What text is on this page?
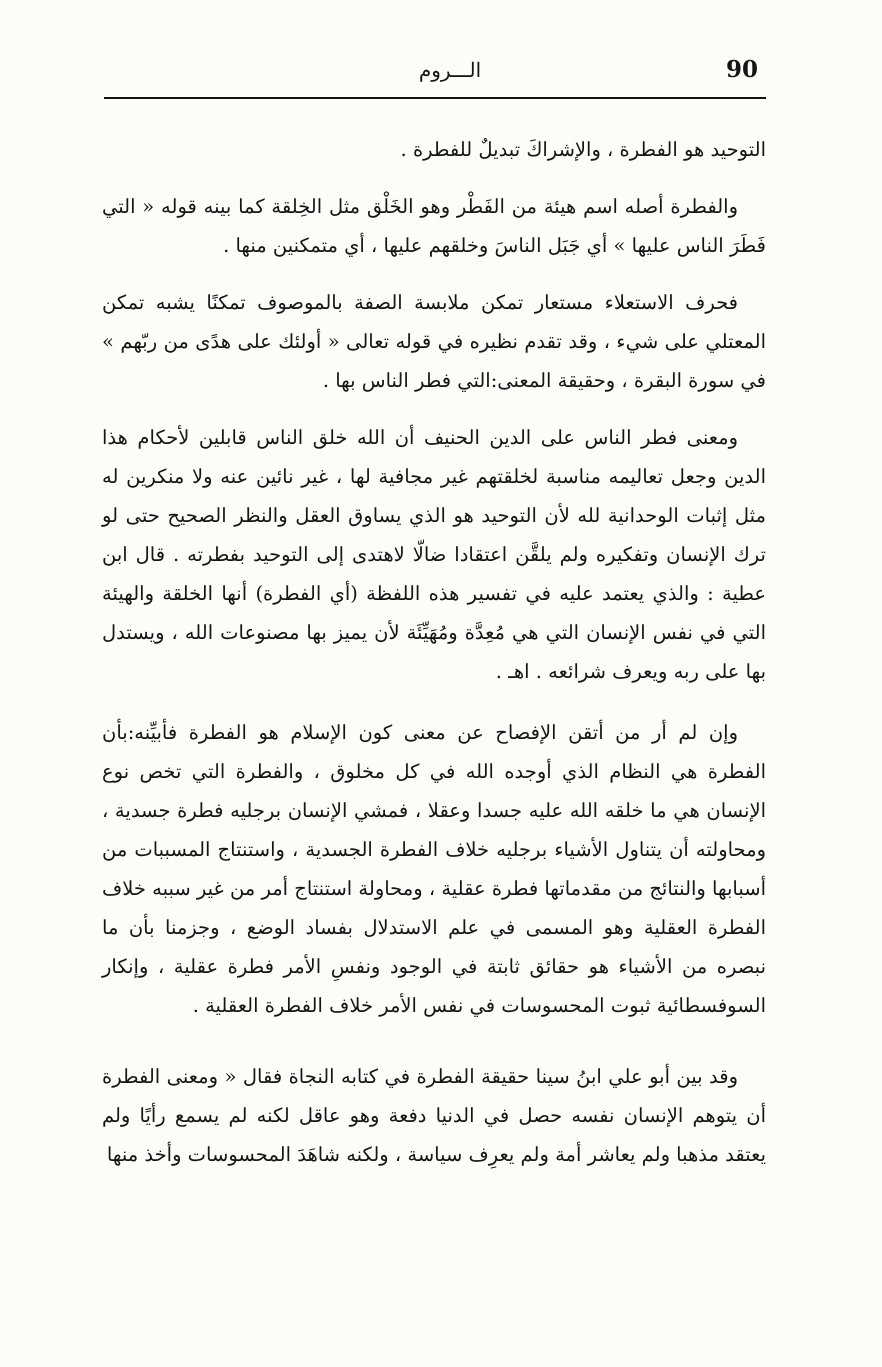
90
الـــروم

التوحيد هو الفطرة ، والإشراكَ تبديلٌ للفطرة .

والفطرة أصله اسم هيئة من الفَطْر وهو الخَلْق مثل الخِلقة كما بينه قوله « التي فَطَرَ الناس عليها » أي جَبَل الناسَ وخلقهم عليها ، أي متمكنين منها .

فحرف الاستعلاء مستعار تمكن ملابسة الصفة بالموصوف تمكنًا يشبه تمكن المعتلي على شيء ، وقد تقدم نظيره في قوله تعالى « أولئك على هدًى من ربّهم » في سورة البقرة ، وحقيقة المعنى:التي فطر الناس بها .

ومعنى فطر الناس على الدين الحنيف أن الله خلق الناس قابلين لأحكام هذا الدين وجعل تعاليمه مناسبة لخلقتهم غير مجافية لها ، غير نائين عنه ولا منكرين له مثل إثبات الوحدانية لله لأن التوحيد هو الذي يساوق العقل والنظر الصحيح حتى لو ترك الإنسان وتفكيره ولم يلقَّن اعتقادا ضالّا لاهتدى إلى التوحيد بفطرته . قال ابن عطية : والذي يعتمد عليه في تفسير هذه اللفظة (أي الفطرة) أنها الخلقة والهيئة التي في نفس الإنسان التي هي مُعِدَّة ومُهَيِّئَة لأن يميز بها مصنوعات الله ، ويستدل بها على ربه ويعرف شرائعه . اهـ .

وإن لم أر من أتقن الإفصاح عن معنى كون الإسلام هو الفطرة فأبيِّنه:بأن الفطرة هي النظام الذي أوجده الله في كل مخلوق ، والفطرة التي تخص نوع الإنسان هي ما خلقه الله عليه جسدا وعقلا ، فمشي الإنسان برجليه فطرة جسدية ، ومحاولته أن يتناول الأشياء برجليه خلاف الفطرة الجسدية ، واستنتاج المسببات من أسبابها والنتائج من مقدماتها فطرة عقلية ، ومحاولة استنتاج أمر من غير سببه خلاف الفطرة العقلية وهو المسمى في علم الاستدلال بفساد الوضع ، وجزمنا بأن ما نبصره من الأشياء هو حقائق ثابتة في الوجود ونفسِ الأمر فطرة عقلية ، وإنكار السوفسطائية ثبوت المحسوسات في نفس الأمر خلاف الفطرة العقلية .

وقد بين أبو علي ابنُ سينا حقيقة الفطرة في كتابه النجاة فقال « ومعنى الفطرة أن يتوهم الإنسان نفسه حصل في الدنيا دفعة وهو عاقل لكنه لم يسمع رأيًا ولم يعتقد مذهبا ولم يعاشر أمة ولم يعرِف سياسة ، ولكنه شاهَدَ المحسوسات وأخذ منها
